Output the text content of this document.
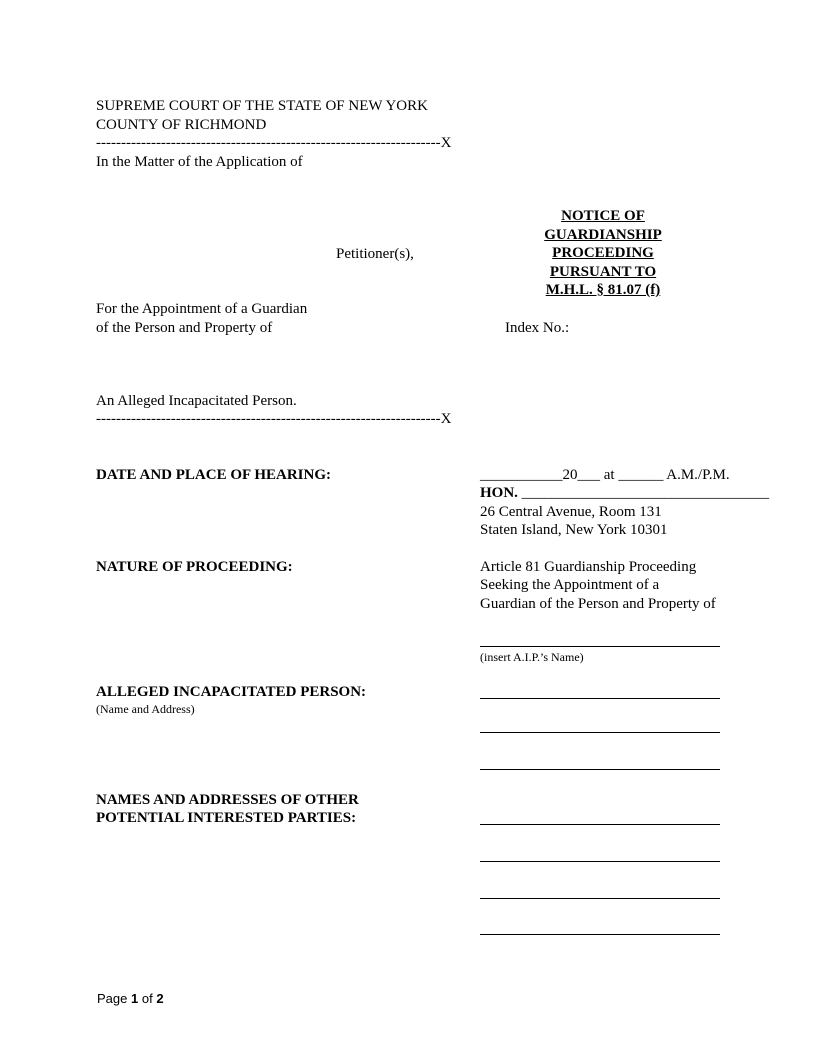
SUPREME COURT OF THE STATE OF NEW YORK
COUNTY OF RICHMOND
---------------------------------------------------------------------X
In the Matter of the Application of
Petitioner(s),
For the Appointment of a Guardian
of the Person and Property of
An Alleged Incapacitated Person.
---------------------------------------------------------------------X
NOTICE OF
GUARDIANSHIP
PROCEEDING
PURSUANT TO
M.H.L. § 81.07 (f)
Index No.:
DATE AND PLACE OF HEARING:	___________20___ at ______ A.M./P.M.
HON. _________________________________
26 Central Avenue, Room 131
Staten Island, New York 10301
NATURE OF PROCEEDING:	Article 81 Guardianship Proceeding
Seeking the Appointment of a
Guardian of the Person and Property of
(insert A.I.P.’s Name)
ALLEGED INCAPACITATED PERSON:
(Name and Address)
NAMES AND ADDRESSES OF OTHER
POTENTIAL INTERESTED PARTIES:
Page 1 of 2
